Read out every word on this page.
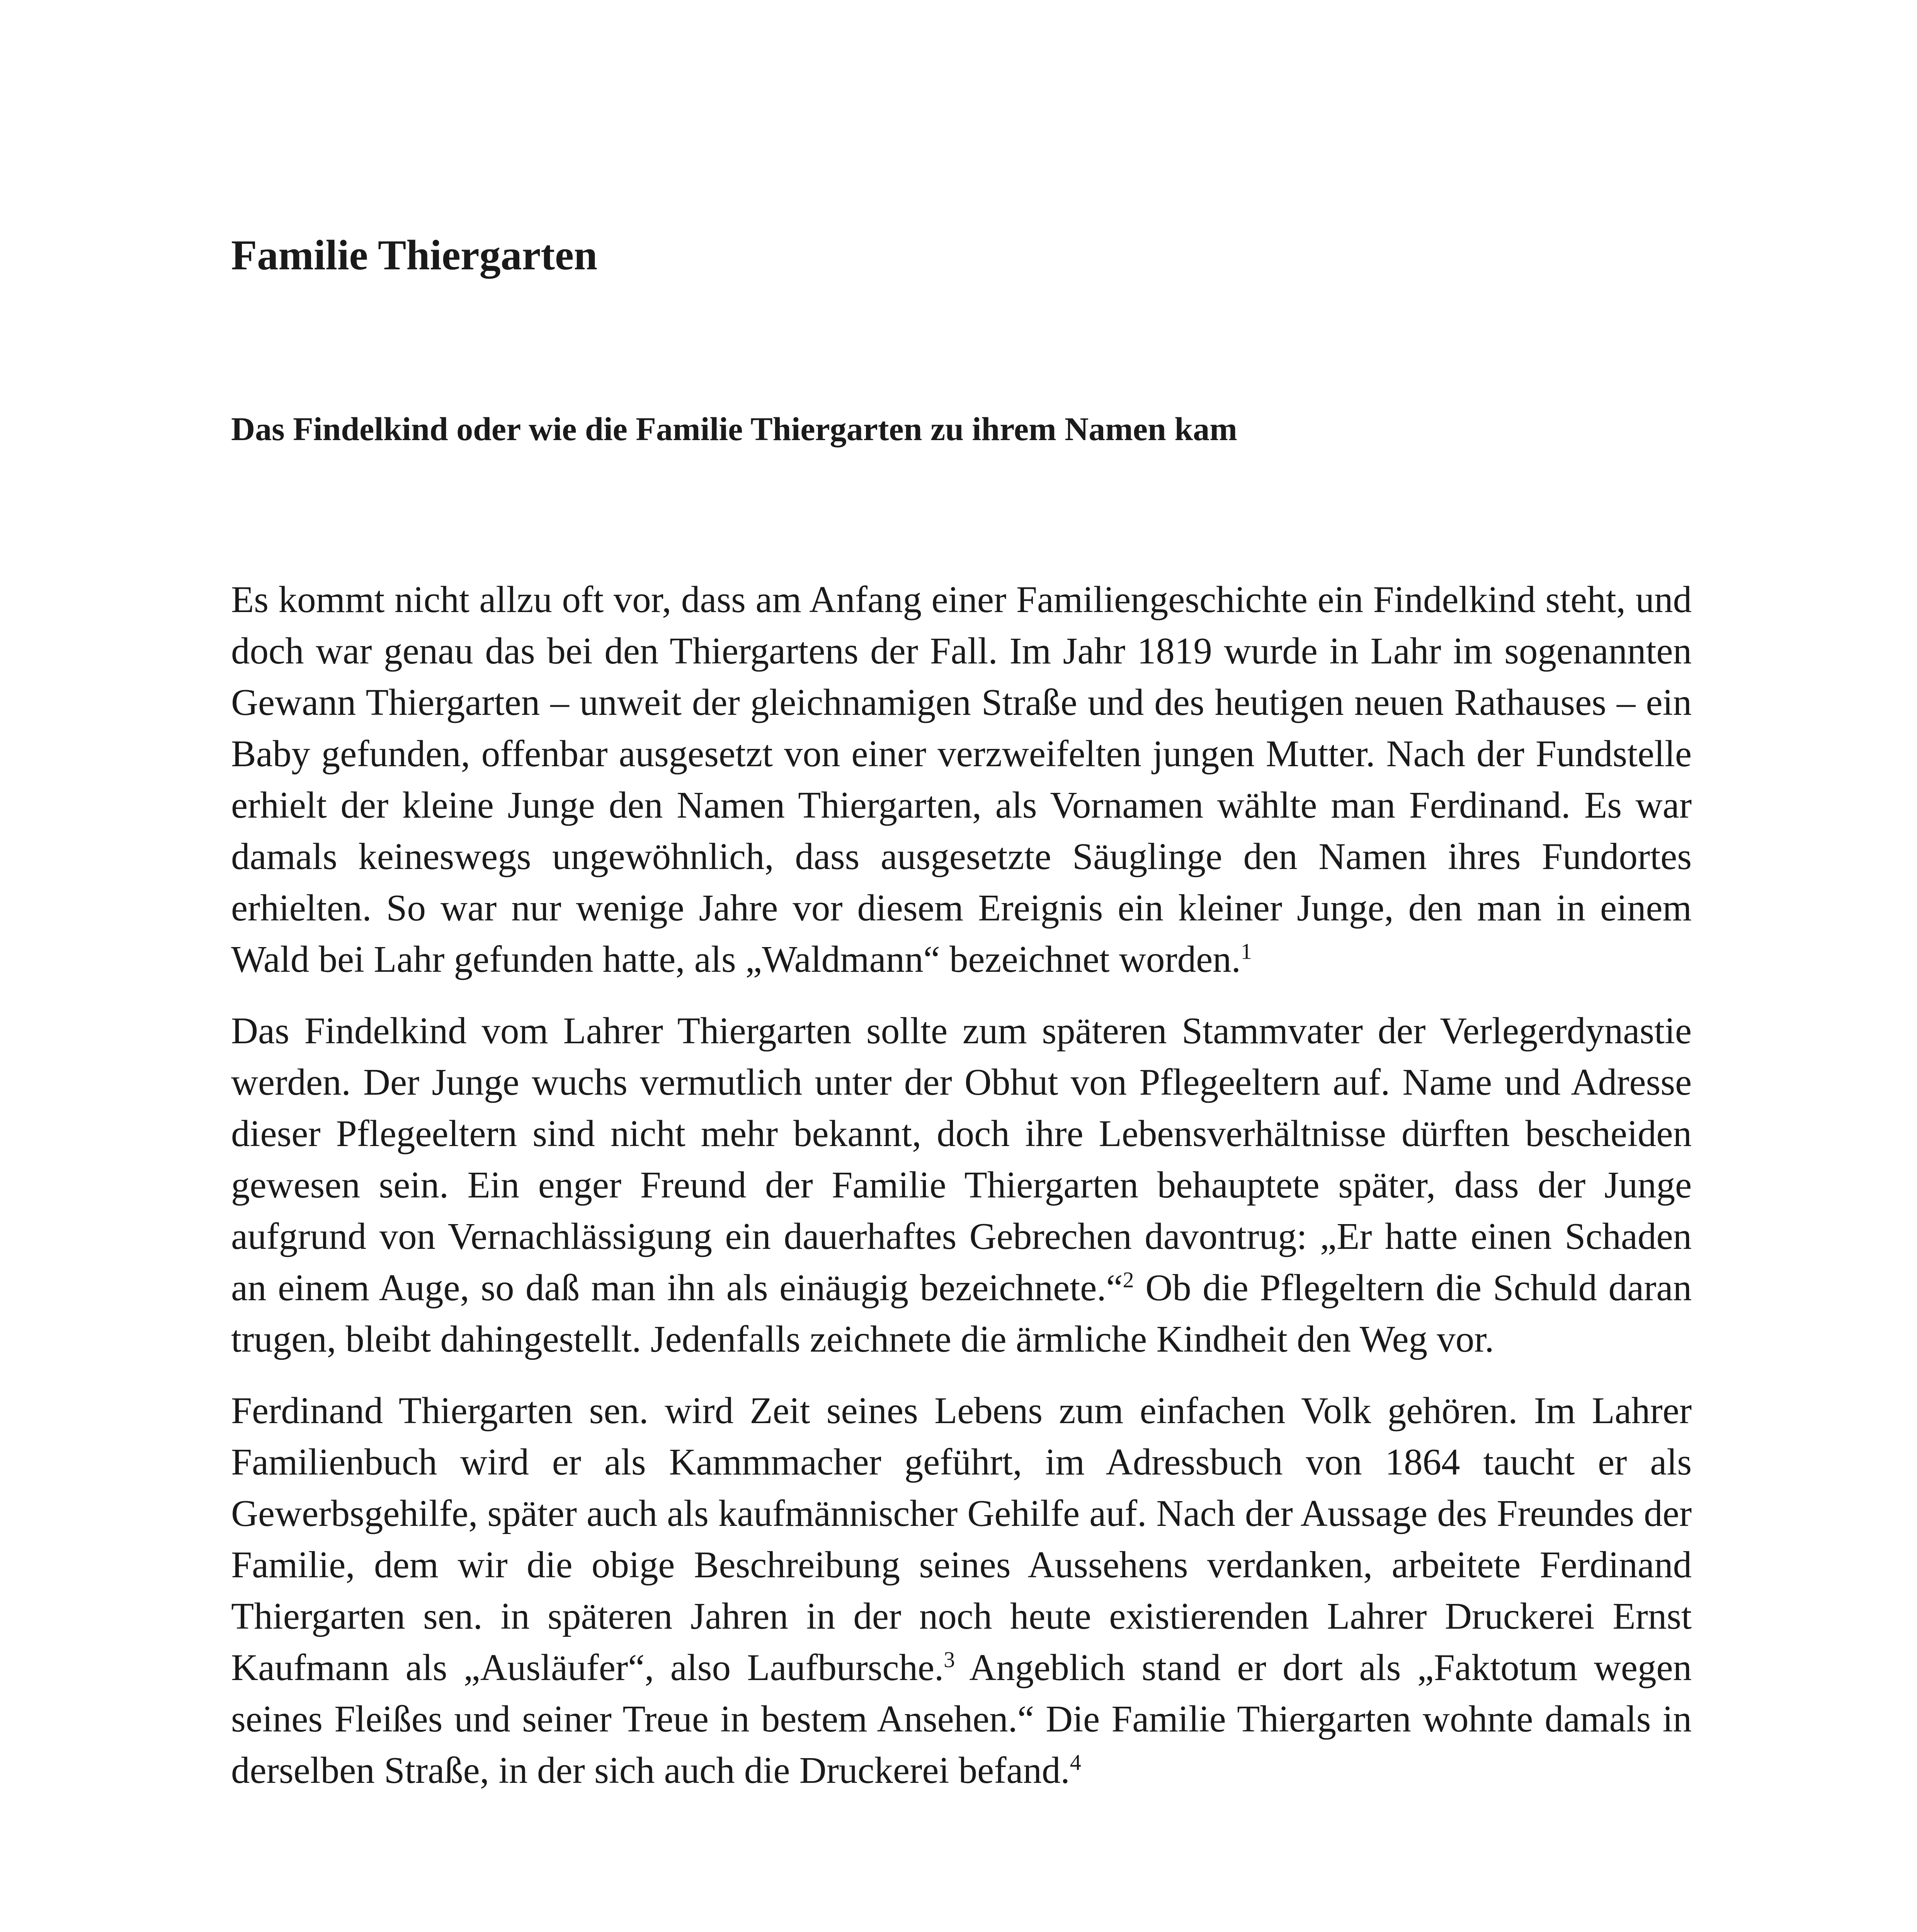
Familie Thiergarten
Das Findelkind oder wie die Familie Thiergarten zu ihrem Namen kam

Es kommt nicht allzu oft vor, dass am Anfang einer Familiengeschichte ein Findelkind steht, und doch war genau das bei den Thiergartens der Fall. Im Jahr 1819 wurde in Lahr im sogenannten Gewann Thiergarten – unweit der gleichnamigen Straße und des heutigen neuen Rathauses – ein Baby gefunden, offenbar ausgesetzt von einer verzweifelten jungen Mutter. Nach der Fundstelle erhielt der kleine Junge den Namen Thiergarten, als Vornamen wählte man Ferdinand. Es war damals keineswegs ungewöhnlich, dass ausgesetzte Säuglinge den Namen ihres Fundortes erhielten. So war nur wenige Jahre vor diesem Ereignis ein kleiner Junge, den man in einem Wald bei Lahr gefunden hatte, als „Waldmann“ bezeichnet worden.$^1$

Das Findelkind vom Lahrer Thiergarten sollte zum späteren Stammvater der Verlegerdynastie werden. Der Junge wuchs vermutlich unter der Obhut von Pflegeeltern auf. Name und Adresse dieser Pflegeeltern sind nicht mehr bekannt, doch ihre Lebensverhältnisse dürften bescheiden gewesen sein. Ein enger Freund der Familie Thiergarten behauptete später, dass der Junge aufgrund von Vernachlässigung ein dauerhaftes Gebrechen davontrug: „Er hatte einen Schaden an einem Auge, so daß man ihn als einäugig bezeichnete.“$^2$ Ob die Pflegeltern die Schuld daran trugen, bleibt dahingestellt. Jedenfalls zeichnete die ärmliche Kindheit den Weg vor.

Ferdinand Thiergarten sen. wird Zeit seines Lebens zum einfachen Volk gehören. Im Lahrer Familienbuch wird er als Kammmacher geführt, im Adressbuch von 1864 taucht er als Gewerbsgehilfe, später auch als kaufmännischer Gehilfe auf. Nach der Aussage des Freundes der Familie, dem wir die obige Beschreibung seines Aussehens verdanken, arbeitete Ferdinand Thiergarten sen. in späteren Jahren in der noch heute existierenden Lahrer Druckerei Ernst Kaufmann als „Ausläufer“, also Laufbursche.$^3$ Angeblich stand er dort als „Faktotum wegen seines Fleißes und seiner Treue in bestem Ansehen.“ Die Familie Thiergarten wohnte damals in derselben Straße, in der sich auch die Druckerei befand.$^4$
